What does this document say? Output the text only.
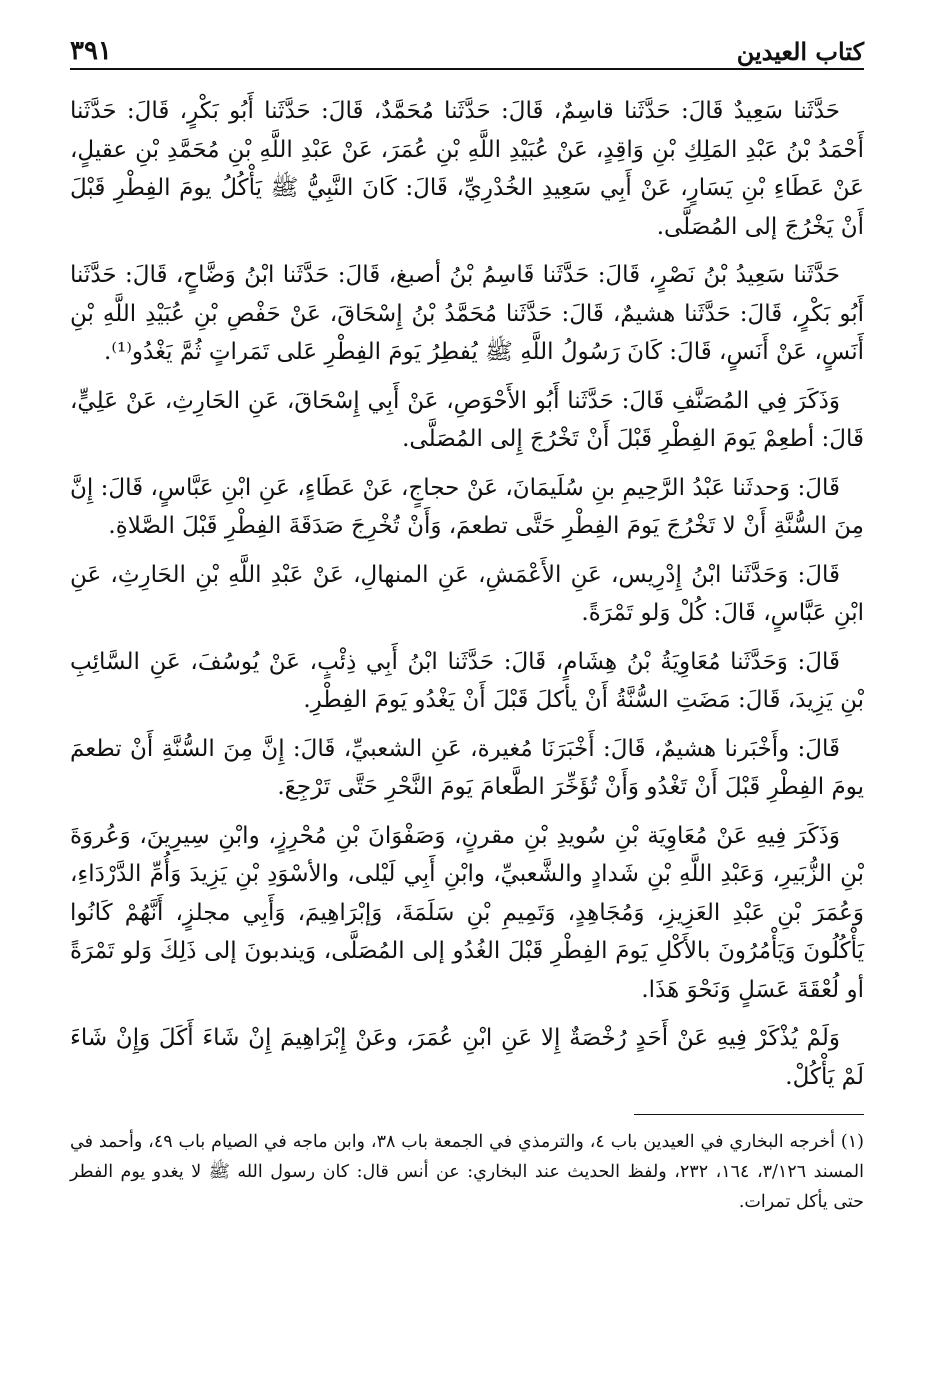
كتاب العيدين
٣٩١

حَدَّثَنا سَعِيدٌ قَالَ: حَدَّثَنا قاسِمٌ، قَالَ: حَدَّثَنا مُحَمَّدٌ، قَالَ: حَدَّثَنا أَبُو بَكْرٍ، قَالَ: حَدَّثَنا أَحْمَدُ بْنُ عَبْدِ المَلِكِ بْنِ وَاقِدٍ، عَنْ عُبَيْدِ اللَّهِ بْنِ عُمَرَ، عَنْ عَبْدِ اللَّهِ بْنِ مُحَمَّدِ بْنِ عقيلٍ، عَنْ عَطَاءِ بْنِ يَسَارٍ، عَنْ أَبِي سَعِيدِ الخُدْرِيِّ، قَالَ: كَانَ النَّبِيُّ ﷺ يَأْكُلُ يومَ الفِطْرِ قَبْلَ أَنْ يَخْرُجَ إلى المُصَلَّى.

حَدَّثَنا سَعِيدُ بْنُ نَصْرٍ، قَالَ: حَدَّثَنا قَاسِمُ بْنُ أصبغ، قَالَ: حَدَّثَنا ابْنُ وَضَّاحٍ، قَالَ: حَدَّثَنا أَبُو بَكْرٍ، قَالَ: حَدَّثَنا هشيمٌ، قَالَ: حَدَّثَنا مُحَمَّدُ بْنُ إِسْحَاقَ، عَنْ حَفْصِ بْنِ عُبَيْدِ اللَّهِ بْنِ أَنَسٍ، عَنْ أَنَسٍ، قَالَ: كَانَ رَسُولُ اللَّهِ ﷺ يُفطِرُ يَومَ الفِطْرِ عَلى تَمَراتٍ ثُمَّ يَغْدُو⁽¹⁾.

وَذَكَرَ فِي المُصَنَّفِ قَالَ: حَدَّثَنا أَبُو الأَحْوَصِ، عَنْ أَبِي إِسْحَاقَ، عَنِ الحَارِثِ، عَنْ عَلِيٍّ، قَالَ: أطعِمْ يَومَ الفِطْرِ قَبْلَ أَنْ تَخْرُجَ إِلى المُصَلَّى.

قَالَ: وَحدثَنا عَبْدُ الرَّحِيمِ بنِ سُلَيمَانَ، عَنْ حجاجٍ، عَنْ عَطَاءٍ، عَنِ ابْنِ عَبَّاسٍ، قَالَ: إِنَّ مِنَ السُّنَّةِ أَنْ لا تَخْرُجَ يَومَ الفِطْرِ حَتَّى تطعمَ، وَأَنْ تُخْرِجَ صَدَقَةَ الفِطْرِ قَبْلَ الصَّلاةِ.

قَالَ: وَحَدَّثَنا ابْنُ إِدْرِيس، عَنِ الأَعْمَشِ، عَنِ المنهالِ، عَنْ عَبْدِ اللَّهِ بْنِ الحَارِثِ، عَنِ ابْنِ عَبَّاسٍ، قَالَ: كُلْ وَلو تَمْرَةً.

قَالَ: وَحَدَّثَنا مُعَاوِيَةُ بْنُ هِشَامٍ، قَالَ: حَدَّثَنا ابْنُ أَبِي ذِئْبٍ، عَنْ يُوسُفَ، عَنِ السَّائِبِ بْنِ يَزِيدَ، قَالَ: مَضَتِ السُّنَّةُ أَنْ يأكلَ قَبْلَ أَنْ يَغْدُو يَومَ الفِطْرِ.

قَالَ: وأَخْبَرنا هشيمٌ، قَالَ: أَخْبَرَنَا مُغيرة، عَنِ الشعبيِّ، قَالَ: إِنَّ مِنَ السُّنَّةِ أَنْ تطعمَ يومَ الفِطْرِ قَبْلَ أَنْ تَغْدُو وَأَنْ تُؤَخِّرَ الطَّعامَ يَومَ النَّحْرِ حَتَّى تَرْجِعَ.

وَذَكَرَ فِيهِ عَنْ مُعَاوِيَة بْنِ سُويدِ بْنِ مقرنٍ، وَصَفْوَانَ بْنِ مُحْرِزٍ، وابْنِ سِيرِينَ، وَعُروَةَ بْنِ الزُّبَيرِ، وَعَبْدِ اللَّهِ بْنِ شَدادٍ والشَّعبيِّ، وابْنِ أَبِي لَيْلى، والأسْوَدِ بْنِ يَزِيدَ وَأُمِّ الدَّرْدَاءِ، وَعُمَرَ بْنِ عَبْدِ العَزِيزِ، وَمُجَاهِدٍ، وَتَمِيمِ بْنِ سَلَمَةَ، وَإبْرَاهِيمَ، وَأَبِي مجلزٍ، أَنَّهُمْ كَانُوا يَأْكُلُونَ وَيَأْمُرُونَ بالأَكْلِ يَومَ الفِطْرِ قَبْلَ الغُدُو إلى المُصَلَّى، وَيندبونَ إلى ذَلِكَ وَلو تَمْرَةً أو لُعْقَةَ عَسَلٍ وَنَحْوَ هَذَا.

وَلَمْ يُذْكَرْ فِيهِ عَنْ أَحَدٍ رُخْصَةٌ إِلا عَنِ ابْنِ عُمَرَ، وعَنْ إِبْرَاهِيمَ إِنْ شَاءَ أَكَلَ وَإِنْ شَاءَ لَمْ يَأْكُلْ.

(١) أخرجه البخاري في العيدين باب ٤، والترمذي في الجمعة باب ٣٨، وابن ماجه في الصيام باب ٤٩، وأحمد في المسند ٣/١٢٦، ١٦٤، ٢٣٢، ولفظ الحديث عند البخاري: عن أنس قال: كان رسول الله ﷺ لا يغدو يوم الفطر حتى يأكل تمرات.
